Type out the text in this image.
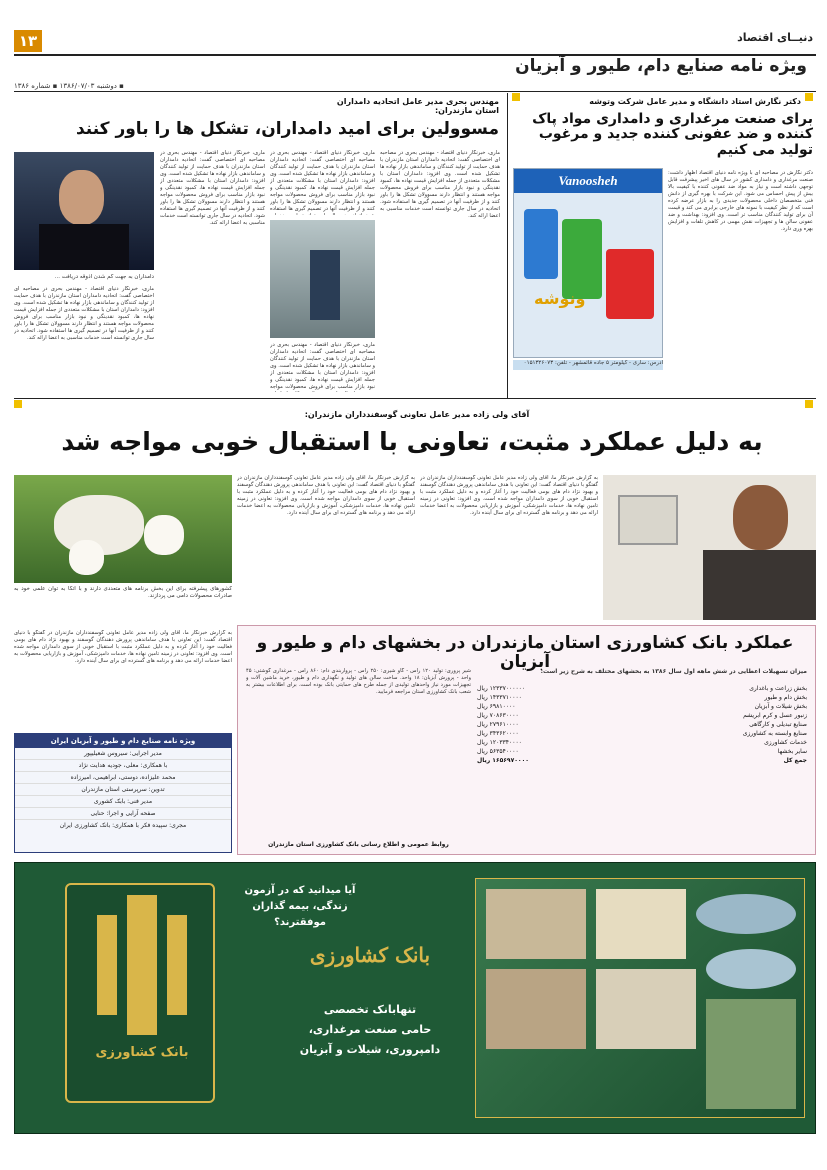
١٣	دنیــای اقتصاد
ویژه نامه صنایع دام، طیور و آبزیان
▪ دوشنبه ۱۳۸۶/۰۷/۰۳ ▪ شماره ۱۳۸۶
دکتر نگارش استاد دانشگاه و مدیر عامل شرکت وتوشه
برای صنعت مرغداری و دامداری مواد پاک کننده و ضد عفونی کننده جدید و مرغوب تولید می کنیم
دکتر نگارش در مصاحبه ای با ویژه نامه دنیای اقتصاد اظهار داشت: صنعت مرغداری و دامداری کشور در سال های اخیر پیشرفت قابل توجهی داشته است و نیاز به مواد ضد عفونی کننده با کیفیت بالا بیش از پیش احساس می شود. این شرکت با بهره گیری از دانش فنی متخصصان داخلی محصولات جدیدی را به بازار عرضه کرده است که از نظر کیفیت با نمونه های خارجی برابری می کند و قیمت آن برای تولید کنندگان مناسب تر است. وی افزود: بهداشت و ضد عفونی سالن ها و تجهیزات نقش مهمی در کاهش تلفات و افزایش بهره وری دارد.
Vanoosheh
ونوشه
آدرس: ساری - کیلومتر ۵ جاده قائمشهر - تلفن: ۰۱۵۱۳۲۶۰۷۳
مهندس بحری مدیر عامل اتحادیه دامداران استان مازندران:
مسوولین برای امید دامداران، تشکل ها را باور کنند
ماری، خبرنگار دنیای اقتصاد - مهندس بحری در مصاحبه ای اختصاصی گفت: اتحادیه دامداران استان مازندران با هدف حمایت از تولید کنندگان و ساماندهی بازار نهاده ها تشکیل شده است. وی افزود: دامداران استان با مشکلات متعددی از جمله افزایش قیمت نهاده ها، کمبود نقدینگی و نبود بازار مناسب برای فروش محصولات مواجه هستند و انتظار دارند مسوولان تشکل ها را باور کنند و از ظرفیت آنها در تصمیم گیری ها استفاده شود. اتحادیه در سال جاری توانسته است خدمات مناسبی به اعضا ارائه کند.
ماری، خبرنگار دنیای اقتصاد - مهندس بحری در مصاحبه ای اختصاصی گفت: اتحادیه دامداران استان مازندران با هدف حمایت از تولید کنندگان و ساماندهی بازار نهاده ها تشکیل شده است. وی افزود: دامداران استان با مشکلات متعددی از جمله افزایش قیمت نهاده ها، کمبود نقدینگی و نبود بازار مناسب برای فروش محصولات مواجه هستند و انتظار دارند مسوولان تشکل ها را باور کنند و از ظرفیت آنها در تصمیم گیری ها استفاده
ماری، خبرنگار دنیای اقتصاد - مهندس بحری در مصاحبه ای اختصاصی گفت: اتحادیه دامداران استان مازندران با هدف حمایت از تولید کنندگان و ساماندهی بازار نهاده ها تشکیل شده است. وی افزود: دامداران استان با مشکلات متعددی از جمله افزایش قیمت نهاده ها، کمبود نقدینگی و نبود بازار مناسب برای فروش محصولات مواجه
ماری، خبرنگار دنیای اقتصاد - مهندس بحری در مصاحبه ای اختصاصی گفت: اتحادیه دامداران استان مازندران با هدف حمایت از تولید کنندگان و ساماندهی بازار نهاده ها تشکیل شده است. وی افزود: دامداران استان با مشکلات متعددی از جمله افزایش قیمت نهاده ها، کمبود نقدینگی و نبود بازار مناسب برای فروش محصولات مواجه هستند و انتظار دارند مسوولان تشکل ها را باور کنند و از ظرفیت آنها در تصمیم گیری ها استفاده شود. اتحادیه در سال جاری توانسته است خدمات مناسبی به اعضا ارائه کند.
دامداران به جهت کم شدن آذوقه دریافت ...
ماری، خبرنگار دنیای اقتصاد - مهندس بحری در مصاحبه ای اختصاصی گفت: اتحادیه دامداران استان مازندران با هدف حمایت از تولید کنندگان و ساماندهی بازار نهاده ها تشکیل شده است. وی افزود: دامداران استان با مشکلات متعددی از جمله افزایش قیمت نهاده ها، کمبود نقدینگی و نبود بازار مناسب برای فروش محصولات مواجه هستند و انتظار دارند مسوولان تشکل ها را باور کنند و از ظرفیت آنها در تصمیم گیری ها استفاده شود. اتحادیه در سال جاری توانسته است خدمات مناسبی به اعضا ارائه کند.
آقای ولی زاده مدیر عامل تعاونی گوسفندداران مازندران:
به دلیل عملکرد مثبت، تعاونی با استقبال خوبی مواجه شد
به گزارش خبرنگار ما، آقای ولی زاده مدیر عامل تعاونی گوسفندداران مازندران در گفتگو با دنیای اقتصاد گفت: این تعاونی با هدف ساماندهی پرورش دهندگان گوسفند و بهبود نژاد دام های بومی فعالیت خود را آغاز کرده و به دلیل عملکرد مثبت با استقبال خوبی از سوی دامداران مواجه شده است. وی افزود: تعاونی در زمینه تامین نهاده ها، خدمات دامپزشکی، آموزش و بازاریابی محصولات به اعضا خدمات ارائه می دهد و برنامه های گسترده ای برای سال آینده دارد.
به گزارش خبرنگار ما، آقای ولی زاده مدیر عامل تعاونی گوسفندداران مازندران در گفتگو با دنیای اقتصاد گفت: این تعاونی با هدف ساماندهی پرورش دهندگان گوسفند و بهبود نژاد دام های بومی فعالیت خود را آغاز کرده و به دلیل عملکرد مثبت با استقبال خوبی از سوی دامداران مواجه شده است. وی افزود: تعاونی در زمینه تامین نهاده ها، خدمات دامپزشکی، آموزش و بازاریابی محصولات به اعضا خدمات ارائه می دهد و برنامه های گسترده ای برای سال آینده دارد.
کشورهای پیشرفته برای این بخش برنامه های متعددی دارند و با اتکا به توان علمی خود به صادرات محصولات دامی می پردازند.
به گزارش خبرنگار ما، آقای ولی زاده مدیر عامل تعاونی گوسفندداران مازندران در گفتگو با دنیای اقتصاد گفت: این تعاونی با هدف ساماندهی پرورش دهندگان گوسفند و بهبود نژاد دام های بومی فعالیت خود را آغاز کرده و به دلیل عملکرد مثبت با استقبال خوبی از سوی دامداران مواجه شده است. وی افزود: تعاونی در زمینه تامین نهاده ها، خدمات دامپزشکی، آموزش و بازاریابی محصولات به اعضا خدمات ارائه می دهد و برنامه های گسترده ای برای سال آینده دارد.
ویژه نامه صنایع دام و طیور و آبزیان ایران
مدیر اجرایی: سیروس شعیلیپور
با همکاری: معلی، جودیه هدایت نژاد
محمد علیزاده، دوستی، ابراهیمی، امیرزاده
تدوین: سرپرستی استان مازندران
مدیر فنی: بابک کشوری
صفحه آرایی و اجرا: حنایی
مجری: سپیده فکر با همکاری: بانک کشاورزی ایران
عملکرد بانک کشاورزی استان مازندران در بخشهای دام و طیور و آبزیان
میزان تسهیلات اعطایی در شش ماهه اول سال ۱۳۸۶ به بخشهای مختلف به شرح زیر است:
بخش زراعت و باغداری
۱۲۳۳۷۰۰۰۰۰۰ ریال
بخش دام و طیور
۱۴۳۳۷۱۰۰۰۰ ریال
بخش شیلات و آبزیان
۶۹۸۱۰۰۰۰ ریال
زنبور عسل و کرم ابریشم
۷۰۸۶۳۰۰۰۰ ریال
صنایع تبدیلی و کارگاهی
۲۷۹۶۱۰۰۰۰ ریال
صنایع وابسته به کشاورزی
۳۴۳۶۲۰۰۰۰ ریال
خدمات کشاورزی
۱۲۰۳۳۴۰۰۰۰ ریال
سایر بخشها
۵۶۳۵۴۰۰۰۰ ریال
جمع کل
۱۶۵۶۹۷۰۰۰۰ ریال
شیر پروری: تولید ۱۲۰ راس - گاو شیری: ۲۵۰ راس - پرواربندی دام: ۸۶۰ راس - مرغداری گوشتی: ۴۵ واحد - پرورش آبزیان: ۱۸ واحد. ساخت سالن های تولید و نگهداری دام و طیور، خرید ماشین آلات و تجهیزات مورد نیاز واحدهای تولیدی از جمله طرح های حمایتی بانک بوده است. برای اطلاعات بیشتر به شعب بانک کشاورزی استان مراجعه فرمایید.
روابط عمومی و اطلاع رسانی بانک کشاورزی استان مازندران
بانک کشاورزی
آیا میدانید که در آزمون زندگی، بیمه گذاران موفقترند؟
بانک کشاورزی
تنهابانک تخصصی
حامی صنعت مرغداری،
دامپروری، شیلات و آبزیان
